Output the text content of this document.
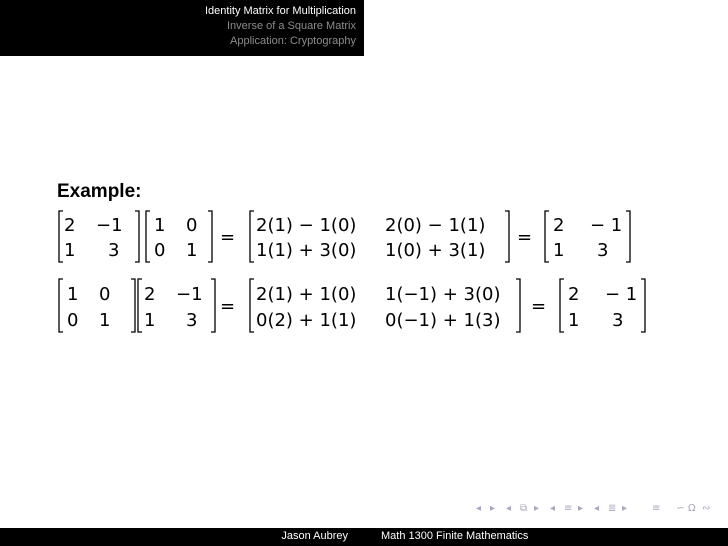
Identity Matrix for Multiplication
Inverse of a Square Matrix
Application: Cryptography
Example:
2 −1
1 3
1 0
0 1
=
2(1) − 1(0) 2(0) − 1(1)
1(1) + 3(0) 1(0) + 3(1)
=
2 − 1
1 3
1 0
0 1
2 −1
1 3
=
2(1) + 1(0) 1(−1) + 3(0)
0(2) + 1(1) 0(−1) + 1(3)
=
2 − 1
1 3
◂ ▸ ◂ ⧉ ▸ ◂ ≡ ▸ ◂ ≣ ▸ ≡ ∽ Ω ∾
Jason Aubrey	Math 1300 Finite Mathematics
